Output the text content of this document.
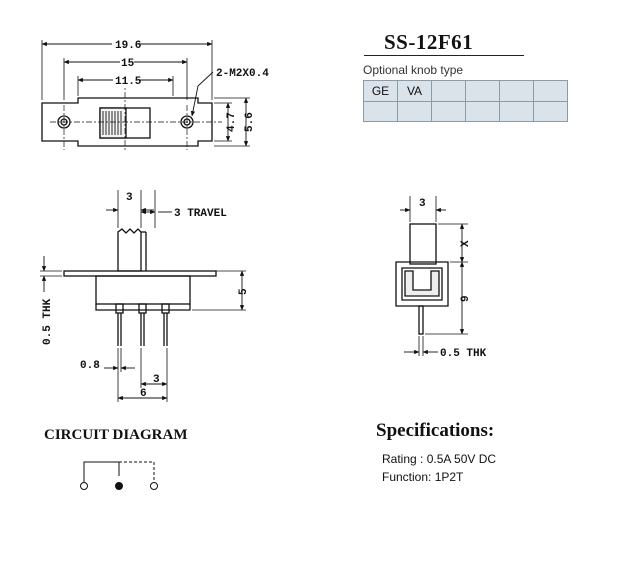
19.6
15
11.5
2-M2X0.4
4.7 5.6
3
3 TRAVEL
0.5 THK
5
0.8
3
6
3
X
9
0.5 THK
SS-12F61
Optional knob type
GE	VA				

CIRCUIT DIAGRAM	Specifications:
Rating : 0.5A 50V DC
Function: 1P2T
